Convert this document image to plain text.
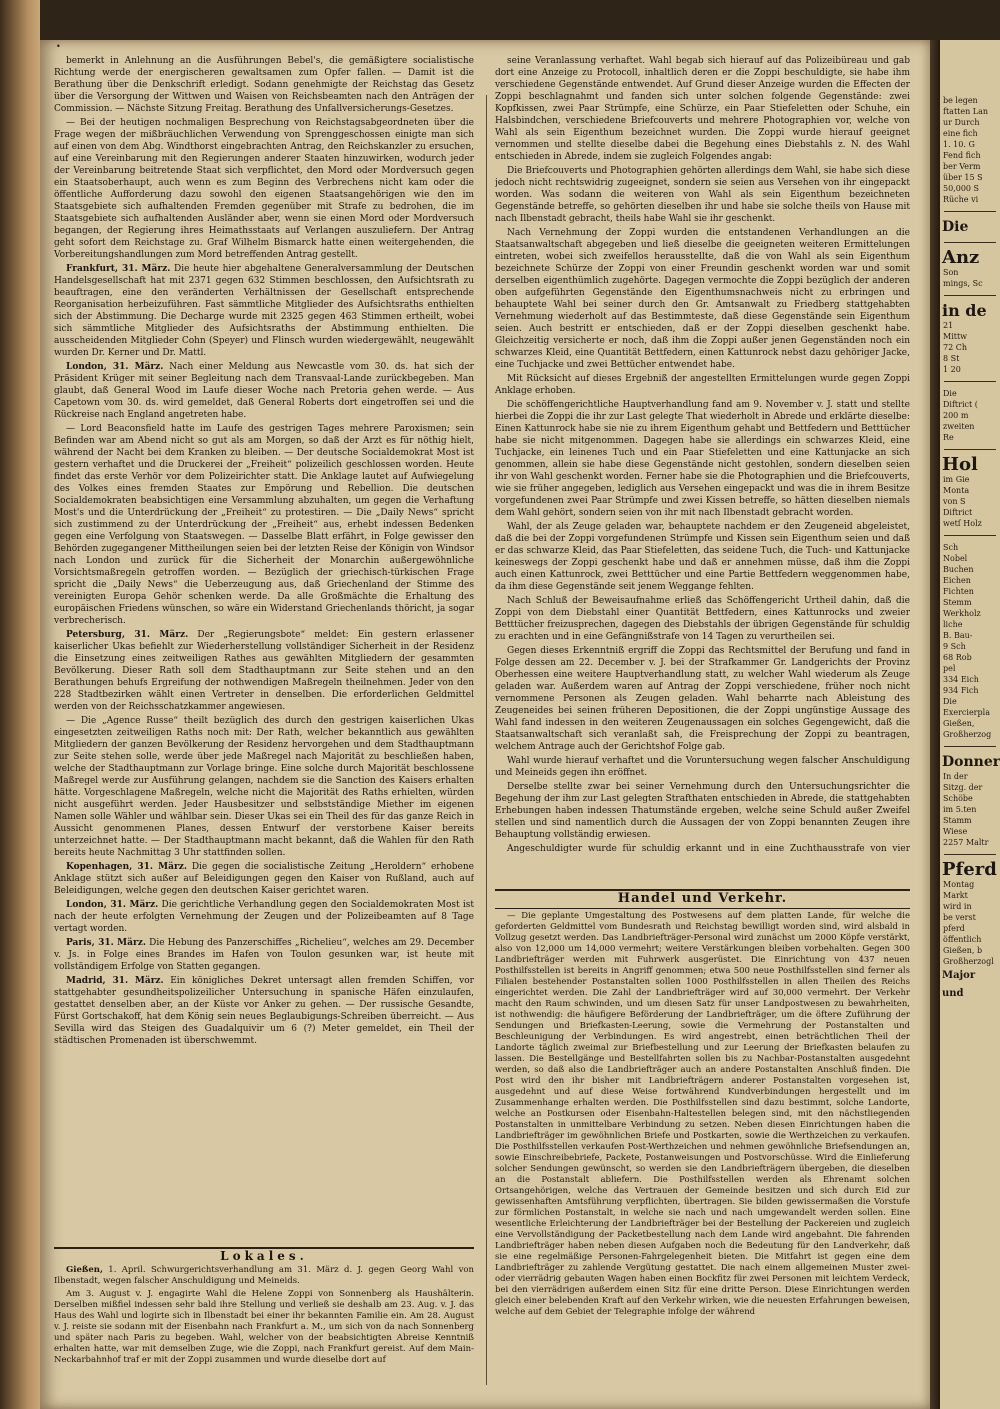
be legen
ftatten Lan
ur Durch
eine fich
1. 10. G
Fend fich
ber Verm
über 15 S
50,000 S
Rüche vi
Die
Anz
Son
mings, Sc
in de
21
Mittw
72 Ch
8 St
1 20
Die
Diftrict (
200 m
zweiten
Re
Hol
im Gie
Monta
von S
Diftrict
wetſ Holz
Sch
Nobel
Buchen
Eichen
Fichten
Stemm
Werkholz
liche
B. Bau-
9 Sch
68 Rob
pel
334 Eich
934 Fich
Die
Exercierpla
Gießen,
Großherzog
Donner
In der
Sitzg. der
Schöbe
im 5.ten
Stamm
Wiese
2257 Maltr
Pferd
Montag
Markt
wird in
be verst
pferd
öffentlich
Gießen, b
Großherzogl
Major und
•

bemerkt in Anlehnung an die Ausführungen Bebel's, die gemäßigtere socialistische Richtung werde der energischeren gewaltsamen zum Opfer fallen. — Damit ist die Berathung über die Denkschrift erledigt. Sodann genehmigte der Reichstag das Gesetz über die Versorgung der Wittwen und Waisen von Reichsbeamten nach den Anträgen der Commission. — Nächste Sitzung Freitag. Berathung des Unfallversicherungs-Gesetzes.

— Bei der heutigen nochmaligen Besprechung von Reichstagsabgeordneten über die Frage wegen der mißbräuchlichen Verwendung von Sprenggeschossen einigte man sich auf einen von dem Abg. Windthorst eingebrachten Antrag, den Reichskanzler zu ersuchen, auf eine Vereinbarung mit den Regierungen anderer Staaten hinzuwirken, wodurch jeder der Vereinbarung beitretende Staat sich verpflichtet, den Mord oder Mordversuch gegen ein Staatsoberhaupt, auch wenn es zum Beginn des Verbrechens nicht kam oder die öffentliche Aufforderung dazu sowohl den eigenen Staatsangehörigen wie den im Staatsgebiete sich aufhaltenden Fremden gegenüber mit Strafe zu bedrohen, die im Staatsgebiete sich aufhaltenden Ausländer aber, wenn sie einen Mord oder Mordversuch begangen, der Regierung ihres Heimathsstaats auf Verlangen auszuliefern. Der Antrag geht sofort dem Reichstage zu. Graf Wilhelm Bismarck hatte einen weitergehenden, die Vorbereitungshandlungen zum Mord betreffenden Antrag gestellt.

Frankfurt, 31. März. Die heute hier abgehaltene Generalversammlung der Deutschen Handelsgesellschaft hat mit 2371 gegen 632 Stimmen beschlossen, den Aufsichtsrath zu beauftragen, eine den veränderten Verhältnissen der Gesellschaft entsprechende Reorganisation herbeizuführen. Fast sämmtliche Mitglieder des Aufsichtsraths enthielten sich der Abstimmung. Die Decharge wurde mit 2325 gegen 463 Stimmen ertheilt, wobei sich sämmtliche Mitglieder des Aufsichtsraths der Abstimmung enthielten. Die ausscheidenden Mitglieder Cohn (Speyer) und Flinsch wurden wiedergewählt, neugewählt wurden Dr. Kerner und Dr. Mattl.

London, 31. März. Nach einer Meldung aus Newcastle vom 30. ds. hat sich der Präsident Krüger mit seiner Begleitung nach dem Transvaal-Lande zurückbegeben. Man glaubt, daß General Wood im Laufe dieser Woche nach Pretoria gehen werde. — Aus Capetown vom 30. ds. wird gemeldet, daß General Roberts dort eingetroffen sei und die Rückreise nach England angetreten habe.

— Lord Beaconsfield hatte im Laufe des gestrigen Tages mehrere Paroxismen; sein Befinden war am Abend nicht so gut als am Morgen, so daß der Arzt es für nöthig hielt, während der Nacht bei dem Kranken zu bleiben. — Der deutsche Socialdemokrat Most ist gestern verhaftet und die Druckerei der „Freiheit“ polizeilich geschlossen worden. Heute findet das erste Verhör vor dem Polizeirichter statt. Die Anklage lautet auf Aufwiegelung des Volkes eines fremden Staates zur Empörung und Rebellion. Die deutschen Socialdemokraten beabsichtigen eine Versammlung abzuhalten, um gegen die Verhaftung Most's und die Unterdrückung der „Freiheit“ zu protestiren. — Die „Daily News“ spricht sich zustimmend zu der Unterdrückung der „Freiheit“ aus, erhebt indessen Bedenken gegen eine Verfolgung von Staatswegen. — Dasselbe Blatt erfährt, in Folge gewisser den Behörden zugegangener Mittheilungen seien bei der letzten Reise der Königin von Windsor nach London und zurück für die Sicherheit der Monarchin außergewöhnliche Vorsichtsmaßregeln getroffen worden. — Bezüglich der griechisch-türkischen Frage spricht die „Daily News“ die Ueberzeugung aus, daß Griechenland der Stimme des vereinigten Europa Gehör schenken werde. Da alle Großmächte die Erhaltung des europäischen Friedens wünschen, so wäre ein Widerstand Griechenlands thöricht, ja sogar verbrecherisch.

Petersburg, 31. März. Der „Regierungsbote“ meldet: Ein gestern erlassener kaiserlicher Ukas befiehlt zur Wiederherstellung vollständiger Sicherheit in der Residenz die Einsetzung eines zeitweiligen Rathes aus gewählten Mitgliedern der gesammten Bevölkerung. Dieser Rath soll dem Stadthauptmann zur Seite stehen und an den Berathungen behufs Ergreifung der nothwendigen Maßregeln theilnehmen. Jeder von den 228 Stadtbezirken wählt einen Vertreter in denselben. Die erforderlichen Geldmittel werden von der Reichsschatzkammer angewiesen.

— Die „Agence Russe“ theilt bezüglich des durch den gestrigen kaiserlichen Ukas eingesetzten zeitweiligen Raths noch mit: Der Rath, welcher bekanntlich aus gewählten Mitgliedern der ganzen Bevölkerung der Residenz hervorgehen und dem Stadthauptmann zur Seite stehen solle, werde über jede Maßregel nach Majorität zu beschließen haben, welche der Stadthauptmann zur Vorlage bringe. Eine solche durch Majorität beschlossene Maßregel werde zur Ausführung gelangen, nachdem sie die Sanction des Kaisers erhalten hätte. Vorgeschlagene Maßregeln, welche nicht die Majorität des Raths erhielten, würden nicht ausgeführt werden. Jeder Hausbesitzer und selbstständige Miether im eigenen Namen solle Wähler und wählbar sein. Dieser Ukas sei ein Theil des für das ganze Reich in Aussicht genommenen Planes, dessen Entwurf der verstorbene Kaiser bereits unterzeichnet hatte. — Der Stadthauptmann macht bekannt, daß die Wahlen für den Rath bereits heute Nachmittag 3 Uhr stattfinden sollen.

Kopenhagen, 31. März. Die gegen die socialistische Zeitung „Heroldern“ erhobene Anklage stützt sich außer auf Beleidigungen gegen den Kaiser von Rußland, auch auf Beleidigungen, welche gegen den deutschen Kaiser gerichtet waren.

London, 31. März. Die gerichtliche Verhandlung gegen den Socialdemokraten Most ist nach der heute erfolgten Vernehmung der Zeugen und der Polizeibeamten auf 8 Tage vertagt worden.

Paris, 31. März. Die Hebung des Panzerschiffes „Richelieu“, welches am 29. December v. Js. in Folge eines Brandes im Hafen von Toulon gesunken war, ist heute mit vollständigem Erfolge von Statten gegangen.

Madrid, 31. März. Ein königliches Dekret untersagt allen fremden Schiffen, vor stattgehabter gesundheitspolizeilicher Untersuchung in spanische Häfen einzulaufen, gestattet denselben aber, an der Küste vor Anker zu gehen. — Der russische Gesandte, Fürst Gortschakoff, hat dem König sein neues Beglaubigungs-Schreiben überreicht. — Aus Sevilla wird das Steigen des Guadalquivir um 6 (?) Meter gemeldet, ein Theil der städtischen Promenaden ist überschwemmt.

seine Veranlassung verhaftet. Wahl begab sich hierauf auf das Polizeibüreau und gab dort eine Anzeige zu Protocoll, inhaltlich deren er die Zoppi beschuldigte, sie habe ihm verschiedene Gegenstände entwendet. Auf Grund dieser Anzeige wurden die Effecten der Zoppi beschlagnahmt und fanden sich unter solchen folgende Gegenstände: zwei Kopfkissen, zwei Paar Strümpfe, eine Schürze, ein Paar Stiefeletten oder Schuhe, ein Halsbindchen, verschiedene Briefcouverts und mehrere Photographien vor, welche von Wahl als sein Eigenthum bezeichnet wurden. Die Zoppi wurde hierauf geeignet vernommen und stellte dieselbe dabei die Begehung eines Diebstahls z. N. des Wahl entschieden in Abrede, indem sie zugleich Folgendes angab:

Die Briefcouverts und Photographien gehörten allerdings dem Wahl, sie habe sich diese jedoch nicht rechtswidrig zugeeignet, sondern sie seien aus Versehen von ihr eingepackt worden. Was sodann die weiteren von Wahl als sein Eigenthum bezeichneten Gegenstände betreffe, so gehörten dieselben ihr und habe sie solche theils von Hause mit nach Ilbenstadt gebracht, theils habe Wahl sie ihr geschenkt.

Nach Vernehmung der Zoppi wurden die entstandenen Verhandlungen an die Staatsanwaltschaft abgegeben und ließ dieselbe die geeigneten weiteren Ermittelungen eintreten, wobei sich zweifellos herausstellte, daß die von Wahl als sein Eigenthum bezeichnete Schürze der Zoppi von einer Freundin geschenkt worden war und somit derselben eigenthümlich zugehörte. Dagegen vermochte die Zoppi bezüglich der anderen oben aufgeführten Gegenstände den Eigenthumsnachweis nicht zu erbringen und behauptete Wahl bei seiner durch den Gr. Amtsanwalt zu Friedberg stattgehabten Vernehmung wiederholt auf das Bestimmteste, daß diese Gegenstände sein Eigenthum seien. Auch bestritt er entschieden, daß er der Zoppi dieselben geschenkt habe. Gleichzeitig versicherte er noch, daß ihm die Zoppi außer jenen Gegenständen noch ein schwarzes Kleid, eine Quantität Bettfedern, einen Kattunrock nebst dazu gehöriger Jacke, eine Tuchjacke und zwei Bettücher entwendet habe.

Mit Rücksicht auf dieses Ergebniß der angestellten Ermittelungen wurde gegen Zoppi Anklage erhoben.

Die schöffengerichtliche Hauptverhandlung fand am 9. November v. J. statt und stellte hierbei die Zoppi die ihr zur Last gelegte That wiederholt in Abrede und erklärte dieselbe: Einen Kattunrock habe sie nie zu ihrem Eigenthum gehabt und Bettfedern und Betttücher habe sie nicht mitgenommen. Dagegen habe sie allerdings ein schwarzes Kleid, eine Tuchjacke, ein leinenes Tuch und ein Paar Stiefeletten und eine Kattunjacke an sich genommen, allein sie habe diese Gegenstände nicht gestohlen, sondern dieselben seien ihr von Wahl geschenkt worden. Ferner habe sie die Photographien und die Briefcouverts, wie sie früher angegeben, lediglich aus Versehen eingepackt und was die in ihrem Besitze vorgefundenen zwei Paar Strümpfe und zwei Kissen betreffe, so hätten dieselben niemals dem Wahl gehört, sondern seien von ihr mit nach Ilbenstadt gebracht worden.

Wahl, der als Zeuge geladen war, behauptete nachdem er den Zeugeneid abgeleistet, daß die bei der Zoppi vorgefundenen Strümpfe und Kissen sein Eigenthum seien und daß er das schwarze Kleid, das Paar Stiefeletten, das seidene Tuch, die Tuch- und Kattunjacke keineswegs der Zoppi geschenkt habe und daß er annehmen müsse, daß ihm die Zoppi auch einen Kattunrock, zwei Betttücher und eine Partie Bettfedern weggenommen habe, da ihm diese Gegenstände seit jenem Weggange fehlten.

Nach Schluß der Beweisaufnahme erließ das Schöffengericht Urtheil dahin, daß die Zoppi von dem Diebstahl einer Quantität Bettfedern, eines Kattunrocks und zweier Betttücher freizusprechen, dagegen des Diebstahls der übrigen Gegenstände für schuldig zu erachten und in eine Gefängnißstrafe von 14 Tagen zu verurtheilen sei.

Gegen dieses Erkenntniß ergriff die Zoppi das Rechtsmittel der Berufung und fand in Folge dessen am 22. December v. J. bei der Strafkammer Gr. Landgerichts der Provinz Oberhessen eine weitere Hauptverhandlung statt, zu welcher Wahl wiederum als Zeuge geladen war. Außerdem waren auf Antrag der Zoppi verschiedene, früher noch nicht vernommene Personen als Zeugen geladen. Wahl beharrte nach Ableistung des Zeugeneides bei seinen früheren Depositionen, die der Zoppi ungünstige Aussage des Wahl fand indessen in den weiteren Zeugenaussagen ein solches Gegengewicht, daß die Staatsanwaltschaft sich veranlaßt sah, die Freisprechung der Zoppi zu beantragen, welchem Antrage auch der Gerichtshof Folge gab.

Wahl wurde hierauf verhaftet und die Voruntersuchung wegen falscher Anschuldigung und Meineids gegen ihn eröffnet.

Derselbe stellte zwar bei seiner Vernehmung durch den Untersuchungsrichter die Begehung der ihm zur Last gelegten Strafthaten entschieden in Abrede, die stattgehabten Erhebungen haben indessen Thatumstände ergeben, welche seine Schuld außer Zweifel stellen und sind namentlich durch die Aussagen der von Zoppi benannten Zeugen ihre Behauptung vollständig erwiesen.

Angeschuldigter wurde für schuldig erkannt und in eine Zuchthausstrafe von vier

Lokales.

Gießen, 1. April. Schwurgerichtsverhandlung am 31. März d. J. gegen Georg Wahl von Ilbenstadt, wegen falscher Anschuldigung und Meineids.

Am 3. August v. J. engagirte Wahl die Helene Zoppi von Sonnenberg als Haushälterin. Derselben mißfiel indessen sehr bald ihre Stellung und verließ sie deshalb am 23. Aug. v. J. das Haus des Wahl und logirte sich in Ilbenstadt bei einer ihr bekannten Familie ein. Am 28. August v. J. reiste sie sodann mit der Eisenbahn nach Frankfurt a. M., um sich von da nach Sonnenberg und später nach Paris zu begeben. Wahl, welcher von der beabsichtigten Abreise Kenntniß erhalten hatte, war mit demselben Zuge, wie die Zoppi, nach Frankfurt gereist. Auf dem Main-Neckarbahnhof traf er mit der Zoppi zusammen und wurde dieselbe dort auf

Handel und Verkehr.

— Die geplante Umgestaltung des Postwesens auf dem platten Lande, für welche die geforderten Geldmittel vom Bundesrath und Reichstag bewilligt worden sind, wird alsbald in Vollzug gesetzt werden. Das Landbriefträger-Personal wird zunächst um 2000 Köpfe verstärkt, also von 12,000 um 14,000 vermehrt; weitere Verstärkungen bleiben vorbehalten. Gegen 300 Landbriefträger werden mit Fuhrwerk ausgerüstet. Die Einrichtung von 437 neuen Posthilfsstellen ist bereits in Angriff genommen; etwa 500 neue Posthilfsstellen sind ferner als Filialen bestehender Postanstalten sollen 1000 Posthilfsstellen in allen Theilen des Reichs eingerichtet werden. Die Zahl der Landbriefträger wird auf 30,000 vermehrt. Der Verkehr macht den Raum schwinden, und um diesen Satz für unser Landpostwesen zu bewahrheiten, ist nothwendig: die häufigere Beförderung der Landbriefträger, um die öftere Zuführung der Sendungen und Briefkasten-Leerung, sowie die Vermehrung der Postanstalten und Beschleunigung der Verbindungen. Es wird angestrebt, einen beträchtlichen Theil der Landorte täglich zweimal zur Briefbestellung und zur Leerung der Briefkasten belaufen zu lassen. Die Bestellgänge und Bestellfahrten sollen bis zu Nachbar-Postanstalten ausgedehnt werden, so daß also die Landbriefträger auch an andere Postanstalten Anschluß finden. Die Post wird den ihr bisher mit Landbriefträgern anderer Postanstalten vorgesehen ist, ausgedehnt und auf diese Weise fortwährend Kundverbindungen hergestellt und im Zusammenhange erhalten werden. Die Posthilfsstellen sind dazu bestimmt, solche Landorte, welche an Postkursen oder Eisenbahn-Haltestellen belegen sind, mit den nächstliegenden Postanstalten in unmittelbare Verbindung zu setzen. Neben diesen Einrichtungen haben die Landbriefträger im gewöhnlichen Briefe und Postkarten, sowie die Werthzeichen zu verkaufen. Die Posthilfsstellen verkaufen Post-Werthzeichen und nehmen gewöhnliche Briefsendungen an, sowie Einschreibebriefe, Packete, Postanweisungen und Postvorschüsse. Wird die Einlieferung solcher Sendungen gewünscht, so werden sie den Landbriefträgern übergeben, die dieselben an die Postanstalt abliefern. Die Posthilfsstellen werden als Ehrenamt solchen Ortsangehörigen, welche das Vertrauen der Gemeinde besitzen und sich durch Eid zur gewissenhaften Amtsführung verpflichten, übertragen. Sie bilden gewissermaßen die Vorstufe zur förmlichen Postanstalt, in welche sie nach und nach umgewandelt werden sollen. Eine wesentliche Erleichterung der Landbriefträger bei der Bestellung der Packereien und zugleich eine Vervollständigung der Packetbestellung nach dem Lande wird angebahnt. Die fahrenden Landbriefträger haben neben diesen Aufgaben noch die Bedeutung für den Landverkehr, daß sie eine regelmäßige Personen-Fahrgelegenheit bieten. Die Mitfahrt ist gegen eine dem Landbriefträger zu zahlende Vergütung gestattet. Die nach einem allgemeinen Muster zwei- oder vierrädrig gebauten Wagen haben einen Bockfitz für zwei Personen mit leichtem Verdeck, bei den vierrädrigen außerdem einen Sitz für eine dritte Person. Diese Einrichtungen werden gleich einer belebenden Kraft auf den Verkehr wirken, wie die neuesten Erfahrungen beweisen, welche auf dem Gebiet der Telegraphie infolge der während
